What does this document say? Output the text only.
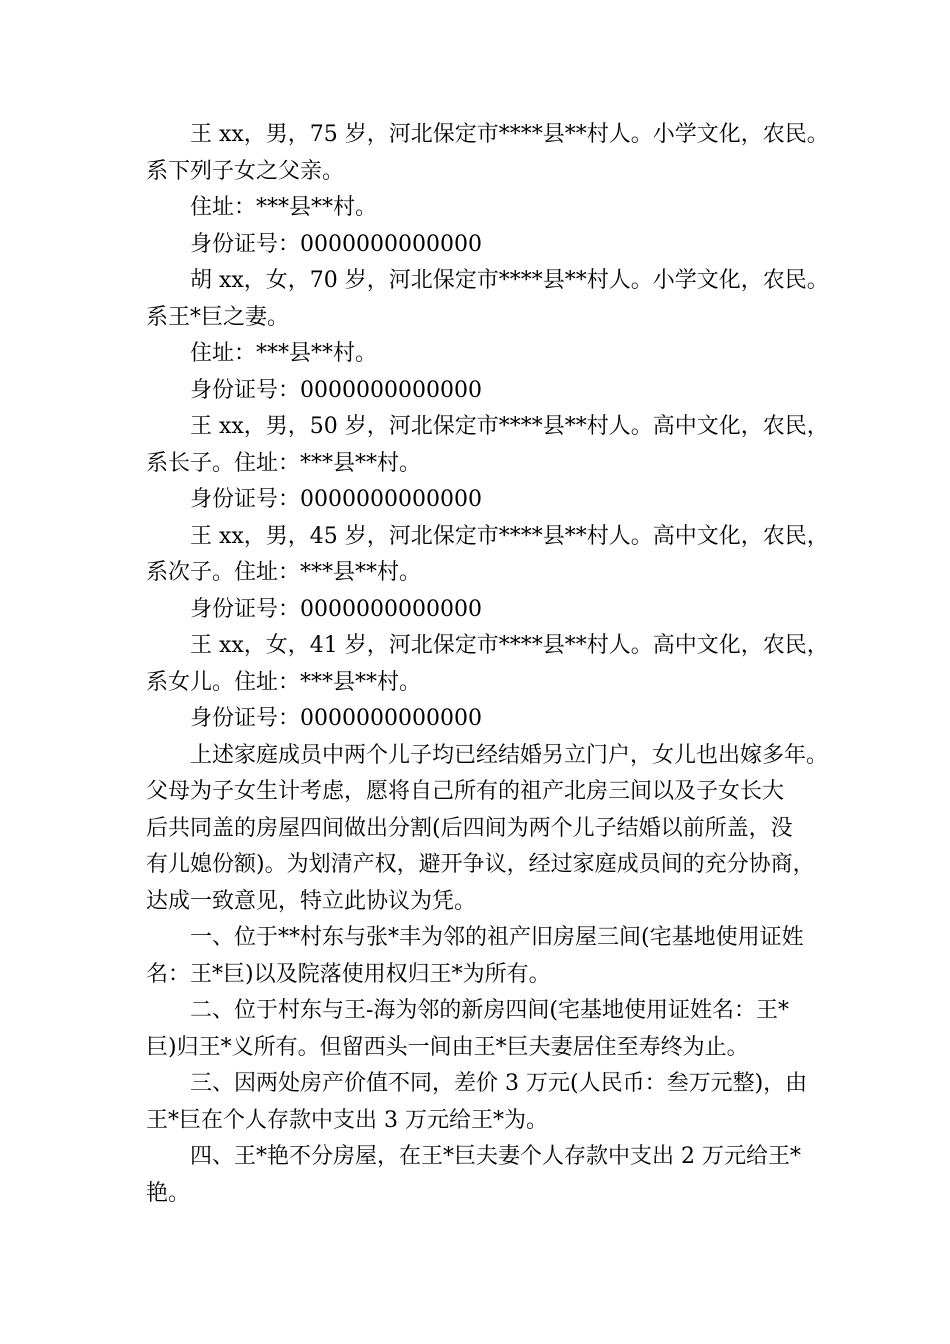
王 xx，男，75 岁，河北保定市****县**村人。小学文化，农民。
系下列子女之父亲。
住址：***县**村。
身份证号：0000000000000
胡 xx，女，70 岁，河北保定市****县**村人。小学文化，农民。
系王*巨之妻。
住址：***县**村。
身份证号：0000000000000
王 xx，男，50 岁，河北保定市****县**村人。高中文化，农民，
系长子。住址：***县**村。
身份证号：0000000000000
王 xx，男，45 岁，河北保定市****县**村人。高中文化，农民，
系次子。住址：***县**村。
身份证号：0000000000000
王 xx，女，41 岁，河北保定市****县**村人。高中文化，农民，
系女儿。住址：***县**村。
身份证号：0000000000000
上述家庭成员中两个儿子均已经结婚另立门户，女儿也出嫁多年。
父母为子女生计考虑，愿将自己所有的祖产北房三间以及子女长大
后共同盖的房屋四间做出分割(后四间为两个儿子结婚以前所盖，没
有儿媳份额)。为划清产权，避开争议，经过家庭成员间的充分协商，
达成一致意见，特立此协议为凭。
一、位于**村东与张*丰为邻的祖产旧房屋三间(宅基地使用证姓
名：王*巨)以及院落使用权归王*为所有。
二、位于村东与王-海为邻的新房四间(宅基地使用证姓名：王*
巨)归王*义所有。但留西头一间由王*巨夫妻居住至寿终为止。
三、因两处房产价值不同，差价 3 万元(人民币：叁万元整)，由
王*巨在个人存款中支出 3 万元给王*为。
四、王*艳不分房屋，在王*巨夫妻个人存款中支出 2 万元给王*
艳。
